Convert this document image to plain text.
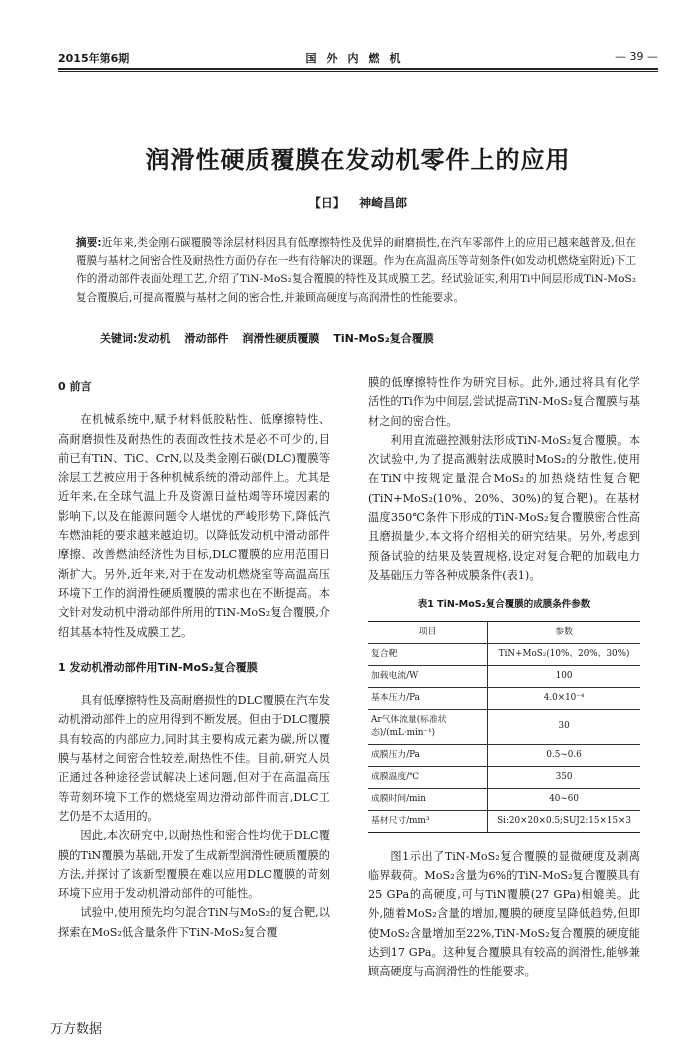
2015年第6期	国外内燃机	— 39 —
润滑性硬质覆膜在发动机零件上的应用
【日】 神崎昌郎
摘要:近年来,类金刚石碳覆膜等涂层材料因具有低摩擦特性及优异的耐磨损性,在汽车零部件上的应用已越来越普及,但在覆膜与基材之间密合性及耐热性方面仍存在一些有待解决的课题。作为在高温高压等苛刻条件(如发动机燃烧室附近)下工作的滑动部件表面处理工艺,介绍了TiN-MoS₂复合覆膜的特性及其成膜工艺。经试验证实,利用Ti中间层形成TiN-MoS₂复合覆膜后,可提高覆膜与基材之间的密合性,并兼顾高硬度与高润滑性的性能要求。
关键词:发动机 滑动部件 润滑性硬质覆膜 TiN-MoS₂复合覆膜
0 前言

在机械系统中,赋予材料低胶粘性、低摩擦特性、高耐磨损性及耐热性的表面改性技术是必不可少的,目前已有TiN、TiC、CrN,以及类金刚石碳(DLC)覆膜等涂层工艺被应用于各种机械系统的滑动部件上。尤其是近年来,在全球气温上升及资源日益枯竭等环境因素的影响下,以及在能源问题令人堪忧的严峻形势下,降低汽车燃油耗的要求越来越迫切。以降低发动机中滑动部件摩擦、改善燃油经济性为目标,DLC覆膜的应用范围日渐扩大。另外,近年来,对于在发动机燃烧室等高温高压环境下工作的润滑性硬质覆膜的需求也在不断提高。本文针对发动机中滑动部件所用的TiN-MoS₂复合覆膜,介绍其基本特性及成膜工艺。

1 发动机滑动部件用TiN-MoS₂复合覆膜

具有低摩擦特性及高耐磨损性的DLC覆膜在汽车发动机滑动部件上的应用得到不断发展。但由于DLC覆膜具有较高的内部应力,同时其主要构成元素为碳,所以覆膜与基材之间密合性较差,耐热性不佳。目前,研究人员正通过各种途径尝试解决上述问题,但对于在高温高压等苛刻环境下工作的燃烧室周边滑动部件而言,DLC工艺仍是不太适用的。

因此,本次研究中,以耐热性和密合性均优于DLC覆膜的TiN覆膜为基础,开发了生成新型润滑性硬质覆膜的方法,并探讨了该新型覆膜在难以应用DLC覆膜的苛刻环境下应用于发动机滑动部件的可能性。

试验中,使用预先均匀混合TiN与MoS₂的复合靶,以探索在MoS₂低含量条件下TiN-MoS₂复合覆

膜的低摩擦特性作为研究目标。此外,通过将具有化学活性的Ti作为中间层,尝试提高TiN-MoS₂复合覆膜与基材之间的密合性。

利用直流磁控溅射法形成TiN-MoS₂复合覆膜。本次试验中,为了提高溅射法成膜时MoS₂的分散性,使用在TiN中按规定量混合MoS₂的加热烧结性复合靶(TiN+MoS₂(10%、20%、30%)的复合靶)。在基材温度350℃条件下形成的TiN-MoS₂复合覆膜密合性高且磨损量少,本文将介绍相关的研究结果。另外,考虑到预备试验的结果及装置规格,设定对复合靶的加载电力及基础压力等各种成膜条件(表1)。

表1 TiN-MoS₂复合覆膜的成膜条件参数
项目	参数
复合靶	TiN+MoS₂(10%、20%、30%)
加载电流/W	100
基本压力/Pa	4.0×10⁻⁴
Ar气体流量(标准状态)/(mL·min⁻¹)	30
成膜压力/Pa	0.5~0.6
成膜温度/℃	350
成膜时间/min	40~60
基材尺寸/mm³	Si:20×20×0.5;SUJ2:15×15×3

图1示出了TiN-MoS₂复合覆膜的显微硬度及剥离临界载荷。MoS₂含量为6%的TiN-MoS₂复合覆膜具有25 GPa的高硬度,可与TiN覆膜(27 GPa)相媲美。此外,随着MoS₂含量的增加,覆膜的硬度呈降低趋势,但即使MoS₂含量增加至22%,TiN-MoS₂复合覆膜的硬度能达到17 GPa。这种复合覆膜具有较高的润滑性,能够兼顾高硬度与高润滑性的性能要求。

万方数据
